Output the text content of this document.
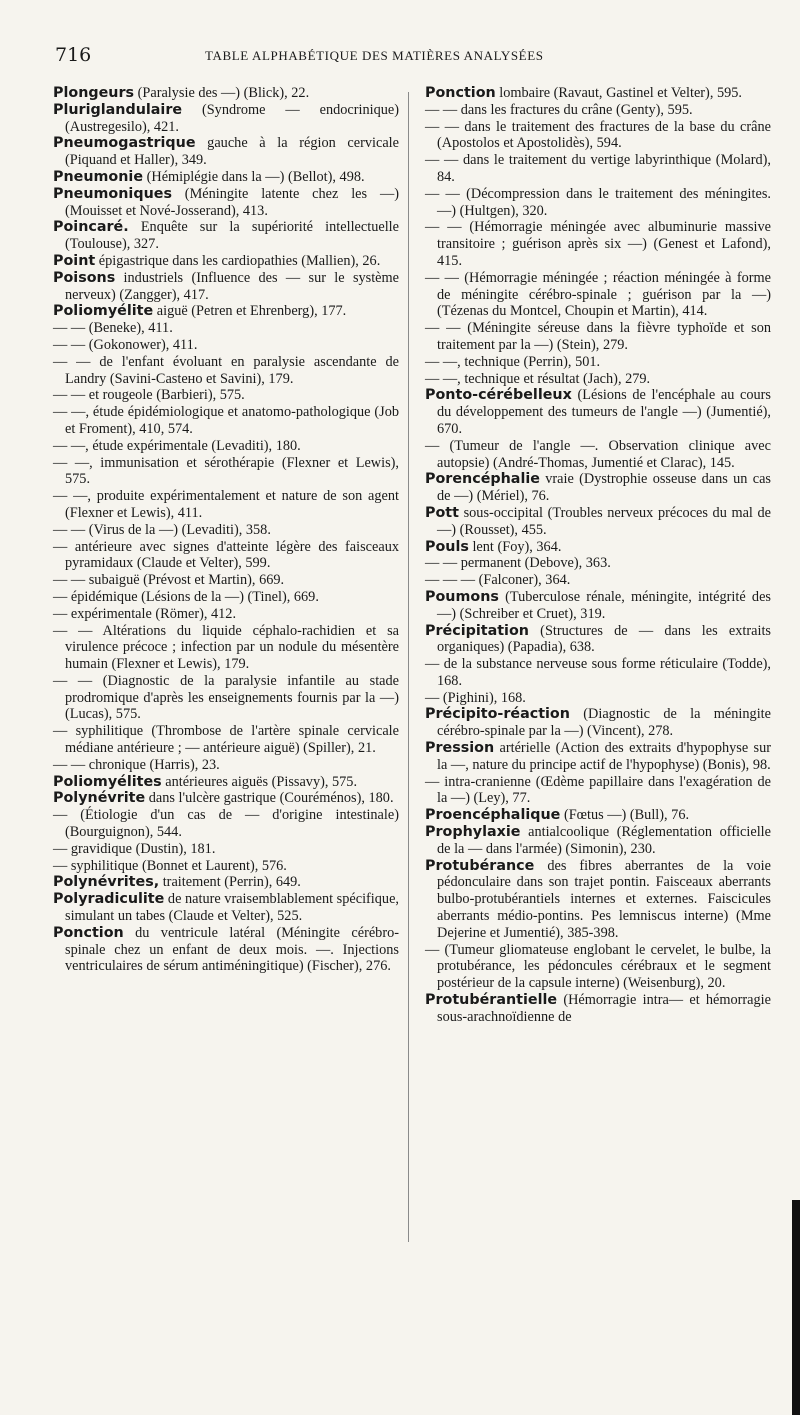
716	TABLE ALPHABÉTIQUE DES MATIÈRES ANALYSÉES

Plongeurs (Paralysie des —) (Blick), 22.

Pluriglandulaire (Syndrome — endocrinique) (Austregesilo), 421.

Pneumogastrique gauche à la région cervicale (Piquand et Haller), 349.

Pneumonie (Hémiplégie dans la —) (Bellot), 498.

Pneumoniques (Méningite latente chez les —) (Mouisset et Nové-Josserand), 413.

Poincaré. Enquête sur la supériorité intellectuelle (Toulouse), 327.

Point épigastrique dans les cardiopathies (Mallien), 26.

Poisons industriels (Influence des — sur le système nerveux) (Zangger), 417.

Poliomyélite aiguë (Petren et Ehrenberg), 177.

— — (Beneke), 411.

— — (Gokonower), 411.

— — de l'enfant évoluant en paralysie ascendante de Landry (Savini-Castено et Savini), 179.

— — et rougeole (Barbieri), 575.

— —, étude épidémiologique et anatomo-pathologique (Job et Froment), 410, 574.

— —, étude expérimentale (Levaditi), 180.

— —, immunisation et sérothérapie (Flexner et Lewis), 575.

— —, produite expérimentalement et nature de son agent (Flexner et Lewis), 411.

— — (Virus de la —) (Levaditi), 358.

— antérieure avec signes d'atteinte légère des faisceaux pyramidaux (Claude et Velter), 599.

— — subaiguë (Prévost et Martin), 669.

— épidémique (Lésions de la —) (Tinel), 669.

— expérimentale (Römer), 412.

— — Altérations du liquide céphalo-rachidien et sa virulence précoce ; infection par un nodule du mésentère humain (Flexner et Lewis), 179.

— — (Diagnostic de la paralysie infantile au stade prodromique d'après les enseignements fournis par la —) (Lucas), 575.

— syphilitique (Thrombose de l'artère spinale cervicale médiane antérieure ; — antérieure aiguë) (Spiller), 21.

— — chronique (Harris), 23.

Poliomyélites antérieures aiguës (Pissavy), 575.

Polynévrite dans l'ulcère gastrique (Couréménos), 180.

— (Étiologie d'un cas de — d'origine intestinale) (Bourguignon), 544.

— gravidique (Dustin), 181.

— syphilitique (Bonnet et Laurent), 576.

Polynévrites, traitement (Perrin), 649.

Polyradiculite de nature vraisemblablement spécifique, simulant un tabes (Claude et Velter), 525.

Ponction du ventricule latéral (Méningite cérébro-spinale chez un enfant de deux mois. —. Injections ventriculaires de sérum antiméningitique) (Fischer), 276.

Ponction lombaire (Ravaut, Gastinel et Velter), 595.

— — dans les fractures du crâne (Genty), 595.

— — dans le traitement des fractures de la base du crâne (Apostolos et Apostolidès), 594.

— — dans le traitement du vertige labyrinthique (Molard), 84.

— — (Décompression dans le traitement des méningites. —) (Hultgen), 320.

— — (Hémorragie méningée avec albuminurie massive transitoire ; guérison après six —) (Genest et Lafond), 415.

— — (Hémorragie méningée ; réaction méningée à forme de méningite cérébro-spinale ; guérison par la —) (Tézenas du Montcel, Choupin et Martin), 414.

— — (Méningite séreuse dans la fièvre typhoïde et son traitement par la —) (Stein), 279.

— —, technique (Perrin), 501.

— —, technique et résultat (Jach), 279.

Ponto-cérébelleux (Lésions de l'encéphale au cours du développement des tumeurs de l'angle —) (Jumentié), 670.

— (Tumeur de l'angle —. Observation clinique avec autopsie) (André-Thomas, Jumentié et Clarac), 145.

Porencéphalie vraie (Dystrophie osseuse dans un cas de —) (Mériel), 76.

Pott sous-occipital (Troubles nerveux précoces du mal de —) (Rousset), 455.

Pouls lent (Foy), 364.

— — permanent (Debove), 363.

— — — (Falconer), 364.

Poumons (Tuberculose rénale, méningite, intégrité des —) (Schreiber et Cruet), 319.

Précipitation (Structures de — dans les extraits organiques) (Papadia), 638.

— de la substance nerveuse sous forme réticulaire (Todde), 168.

— (Pighini), 168.

Précipito-réaction (Diagnostic de la méningite cérébro-spinale par la —) (Vincent), 278.

Pression artérielle (Action des extraits d'hypophyse sur la —, nature du principe actif de l'hypophyse) (Bonis), 98.

— intra-cranienne (Œdème papillaire dans l'exagération de la —) (Ley), 77.

Proencéphalique (Fœtus —) (Bull), 76.

Prophylaxie antialcoolique (Réglementation officielle de la — dans l'armée) (Simonin), 230.

Protubérance des fibres aberrantes de la voie pédonculaire dans son trajet pontin. Faisceaux aberrants bulbo-protubérantiels internes et externes. Faiscicules aberrants médio-pontins. Pes lemniscus interne) (Mme Dejerine et Jumentié), 385-398.

— (Tumeur gliomateuse englobant le cervelet, le bulbe, la protubérance, les pédoncules cérébraux et le segment postérieur de la capsule interne) (Weisenburg), 20.

Protubérantielle (Hémorragie intra— et hémorragie sous-arachnoïdienne de
